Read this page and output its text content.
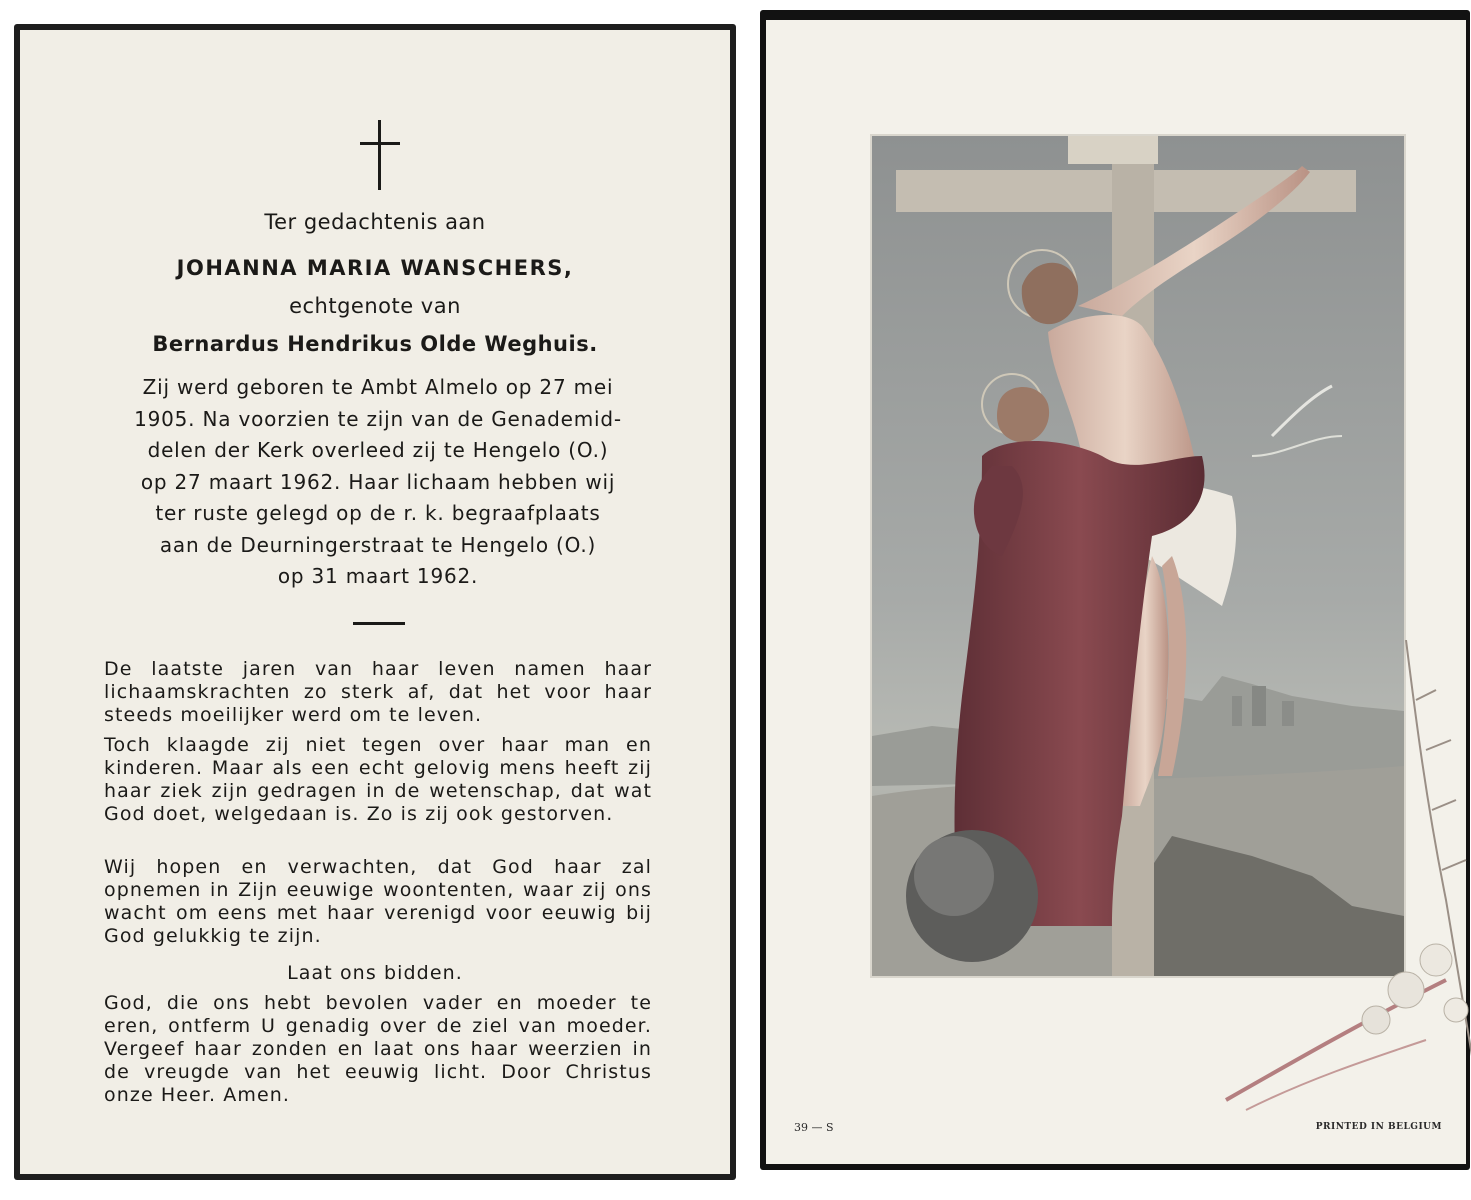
Ter gedachtenis aan
JOHANNA MARIA WANSCHERS,
echtgenote van
Bernardus Hendrikus Olde Weghuis.
Zij werd geboren te Ambt Almelo op 27 mei
1905. Na voorzien te zijn van de Genademid-
delen der Kerk overleed zij te Hengelo (O.)
op 27 maart 1962. Haar lichaam hebben wij
ter ruste gelegd op de r. k. begraafplaats
aan de Deurningerstraat te Hengelo (O.)
op 31 maart 1962.

De laatste jaren van haar leven namen haar lichaamskrachten zo sterk af, dat het voor haar steeds moeilijker werd om te leven.

Toch klaagde zij niet tegen over haar man en kinderen. Maar als een echt gelovig mens heeft zij haar ziek zijn gedragen in de wetenschap, dat wat God doet, welgedaan is. Zo is zij ook gestorven.

Wij hopen en verwachten, dat God haar zal opnemen in Zijn eeuwige woontenten, waar zij ons wacht om eens met haar verenigd voor eeuwig bij God gelukkig te zijn.

Laat ons bidden.

God, die ons hebt bevolen vader en moeder te eren, ontferm U genadig over de ziel van moeder. Vergeef haar zonden en laat ons haar weerzien in de vreugde van het eeuwig licht. Door Christus onze Heer. Amen.

39 — S	PRINTED IN BELGIUM
